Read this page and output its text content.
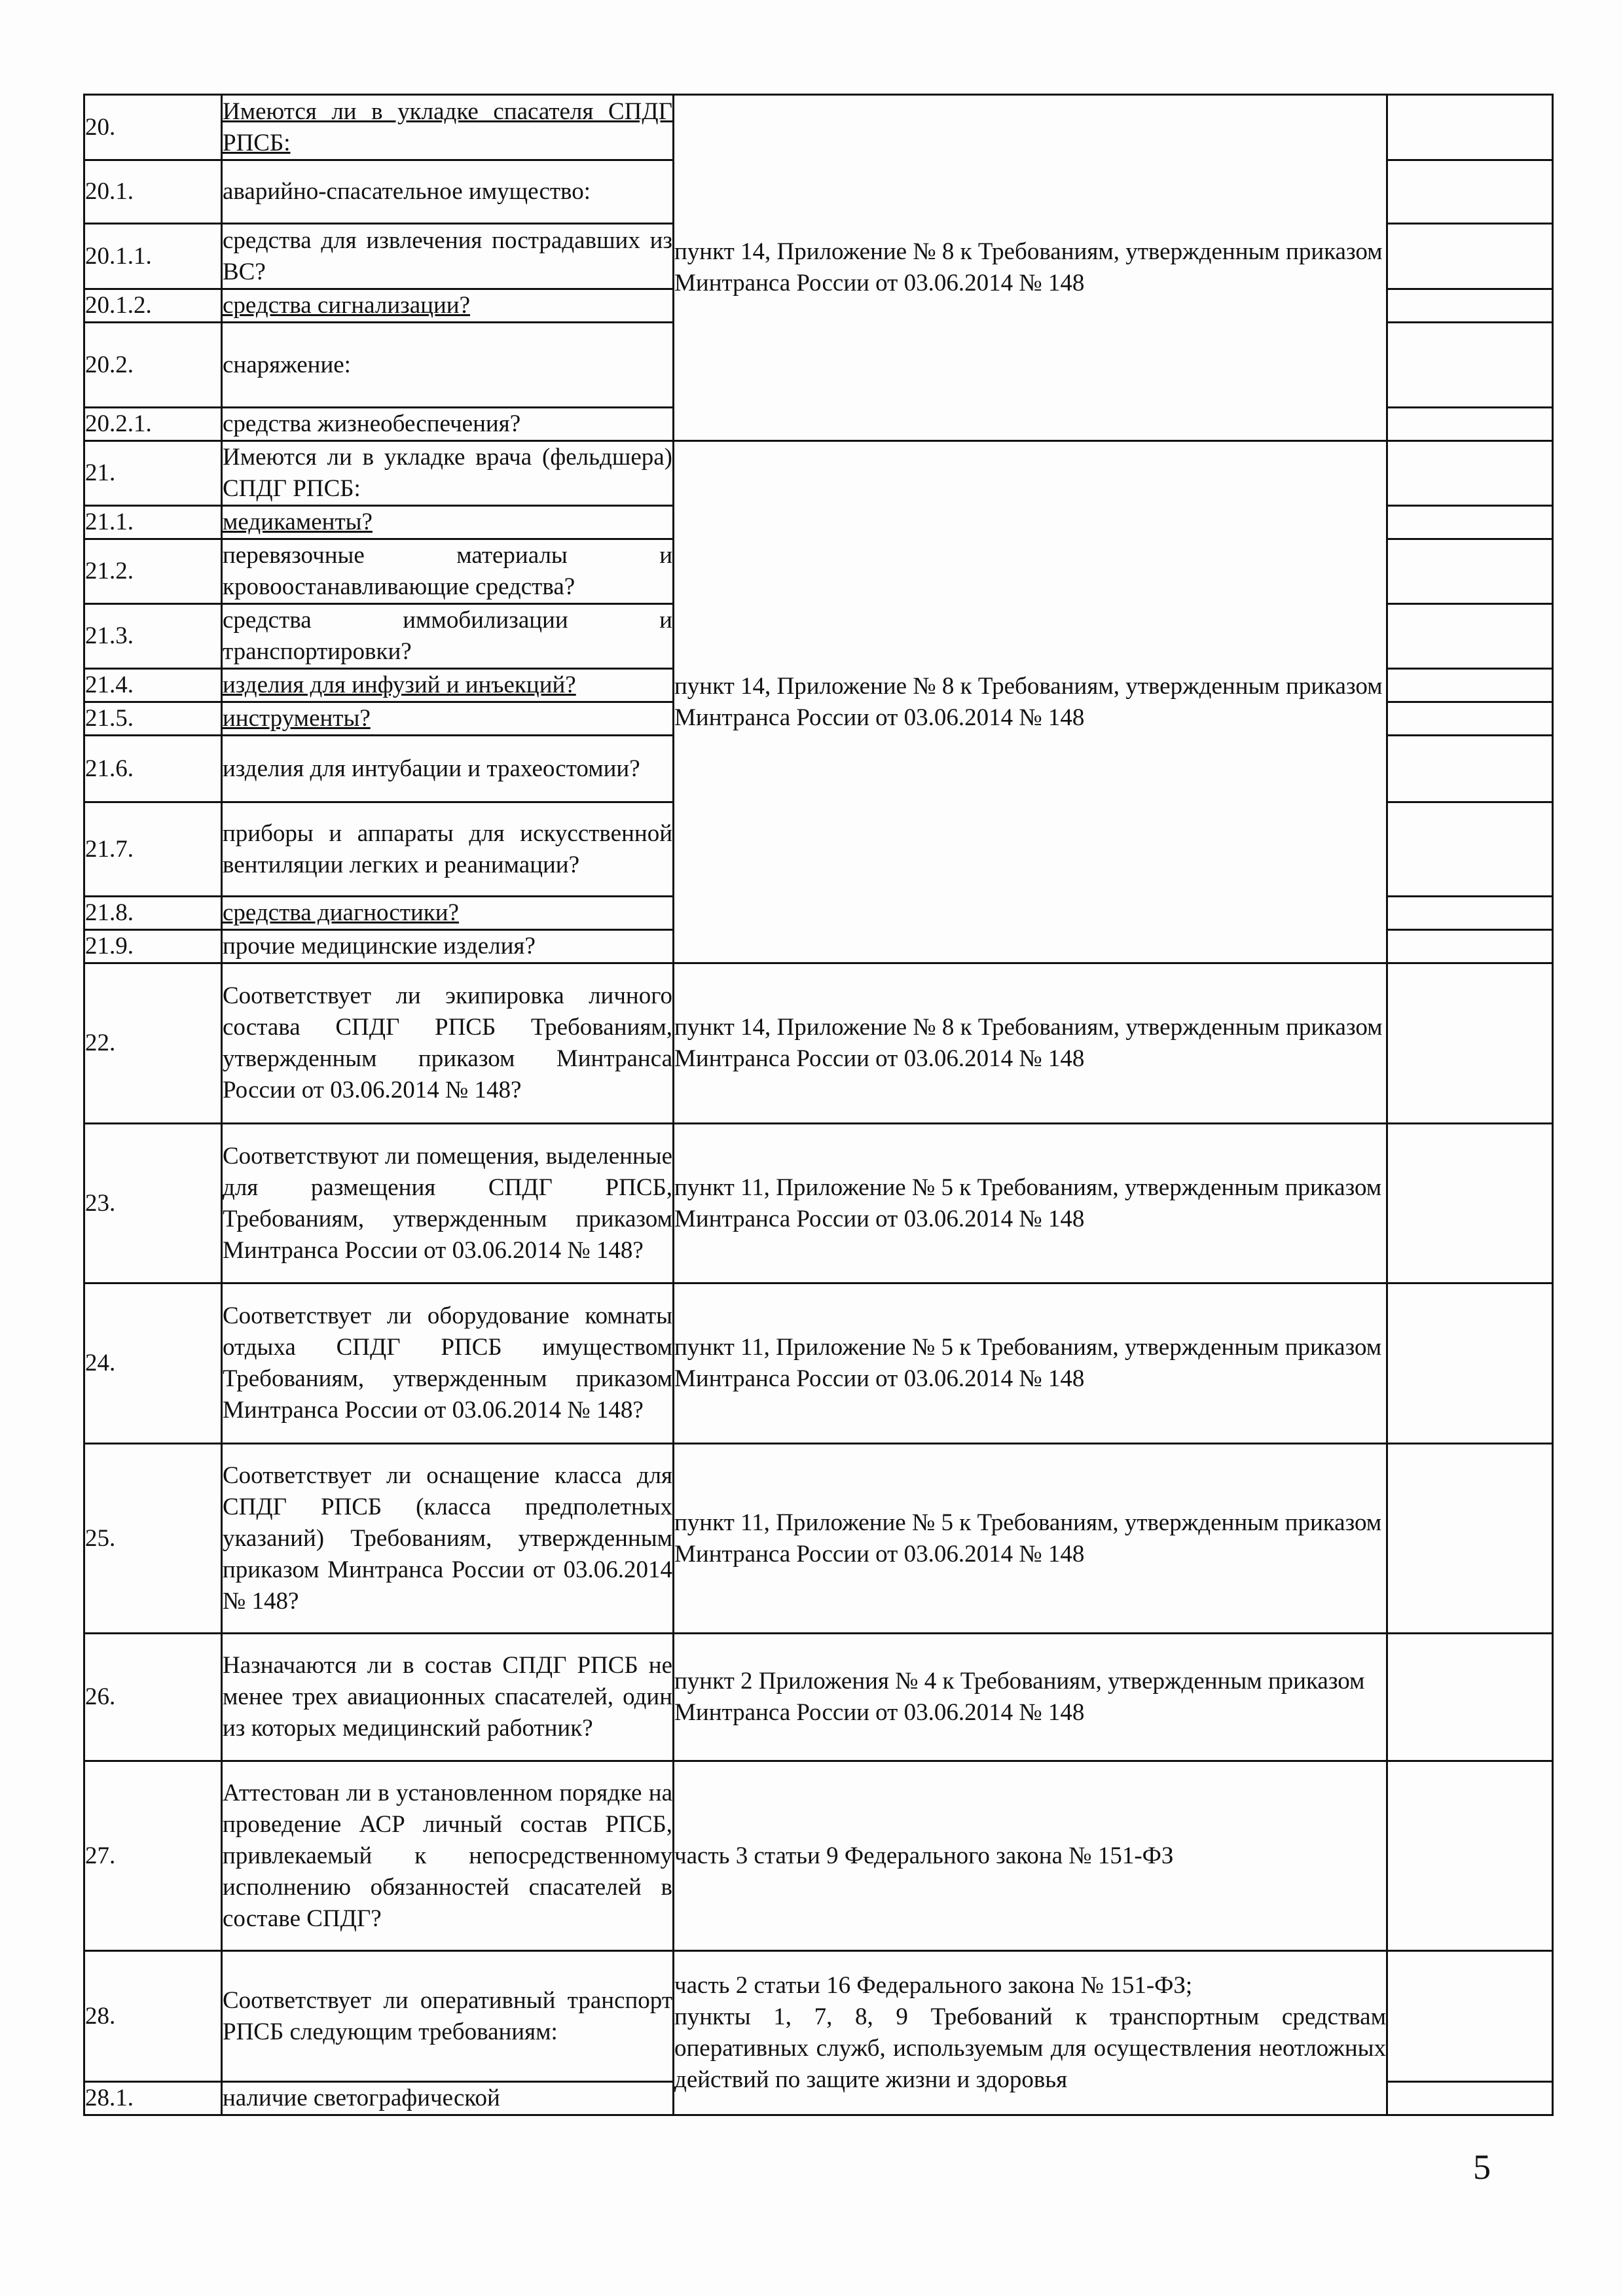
20.	Имеются ли в укладке спасателя СПДГ РПСБ:	пункт 14, Приложение № 8 к Требованиям, утвержденным приказом Минтранса России от 03.06.2014 № 148	
20.1.	аварийно-спасательное имущество:		
20.1.1.	средства для извлечения пострадавших из ВС?		
20.1.2.	средства сигнализации?		
20.2.	снаряжение:		
20.2.1.	средства жизнеобеспечения?		
21.	Имеются ли в укладке врача (фельдшера) СПДГ РПСБ:	пункт 14, Приложение № 8 к Требованиям, утвержденным приказом Минтранса России от 03.06.2014 № 148	
21.1.	медикаменты?		
21.2.	перевязочные материалы и кровоостанавливающие средства?		
21.3.	средства иммобилизации и транспортировки?		
21.4.	изделия для инфузий и инъекций?		
21.5.	инструменты?		
21.6.	изделия для интубации и трахеостомии?		
21.7.	приборы и аппараты для искусственной вентиляции легких и реанимации?		
21.8.	средства диагностики?		
21.9.	прочие медицинские изделия?		
22.	Соответствует ли экипировка личного состава СПДГ РПСБ Требованиям, утвержденным приказом Минтранса России от 03.06.2014 № 148?	пункт 14, Приложение № 8 к Требованиям, утвержденным приказом Минтранса России от 03.06.2014 № 148	
23.	Соответствуют ли помещения, выделенные для размещения СПДГ РПСБ, Требованиям, утвержденным приказом Минтранса России от 03.06.2014 № 148?	пункт 11, Приложение № 5 к Требованиям, утвержденным приказом Минтранса России от 03.06.2014 № 148	
24.	Соответствует ли оборудование комнаты отдыха СПДГ РПСБ имуществом Требованиям, утвержденным приказом Минтранса России от 03.06.2014 № 148?	пункт 11, Приложение № 5 к Требованиям, утвержденным приказом Минтранса России от 03.06.2014 № 148	
25.	Соответствует ли оснащение класса для СПДГ РПСБ (класса предполетных указаний) Требованиям, утвержденным приказом Минтранса России от 03.06.2014 № 148?	пункт 11, Приложение № 5 к Требованиям, утвержденным приказом Минтранса России от 03.06.2014 № 148	
26.	Назначаются ли в состав СПДГ РПСБ не менее трех авиационных спасателей, один из которых медицинский работник?	пункт 2 Приложения № 4 к Требованиям, утвержденным приказом Минтранса России от 03.06.2014 № 148	
27.	Аттестован ли в установленном порядке на проведение АСР личный состав РПСБ, привлекаемый к непосредственному исполнению обязанностей спасателей в составе СПДГ?	часть 3 статьи 9 Федерального закона № 151-ФЗ	
28.	Соответствует ли оперативный транспорт РПСБ следующим требованиям:	часть 2 статьи 16 Федерального закона № 151-ФЗ;
пункты 1, 7, 8, 9 Требований к транспортным средствам оперативных служб, используемым для осуществления неотложных действий по защите жизни и здоровья	

28.1.	наличие светографической		
5
